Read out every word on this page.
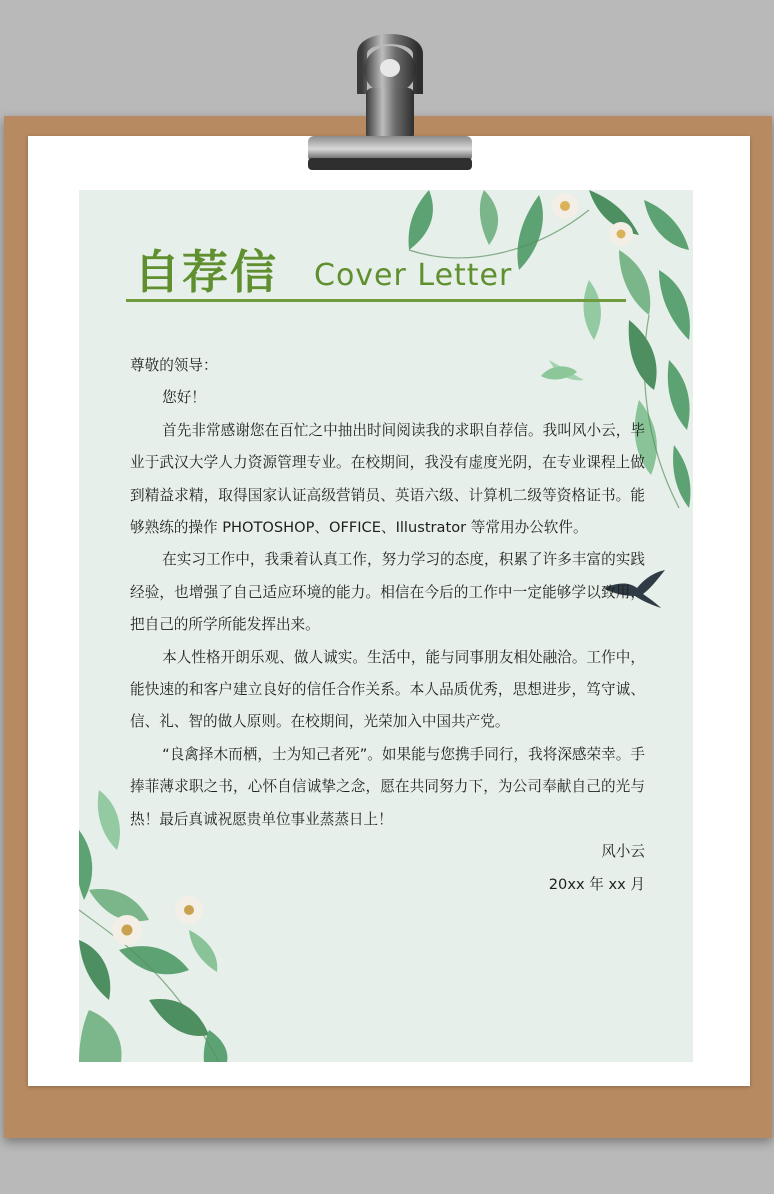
自荐信 Cover Letter

尊敬的领导：

您好！

首先非常感谢您在百忙之中抽出时间阅读我的求职自荐信。我叫风小云，毕业于武汉大学人力资源管理专业。在校期间，我没有虚度光阴，在专业课程上做到精益求精，取得国家认证高级营销员、英语六级、计算机二级等资格证书。能够熟练的操作 PHOTOSHOP、OFFICE、Illustrator 等常用办公软件。

在实习工作中，我秉着认真工作，努力学习的态度，积累了许多丰富的实践经验，也增强了自己适应环境的能力。相信在今后的工作中一定能够学以致用，把自己的所学所能发挥出来。

本人性格开朗乐观、做人诚实。生活中，能与同事朋友相处融洽。工作中，能快速的和客户建立良好的信任合作关系。本人品质优秀，思想进步，笃守诚、信、礼、智的做人原则。在校期间，光荣加入中国共产党。

“良禽择木而栖，士为知己者死”。如果能与您携手同行，我将深感荣幸。手捧菲薄求职之书，心怀自信诚挚之念，愿在共同努力下，为公司奉献自己的光与热！最后真诚祝愿贵单位事业蒸蒸日上！

风小云

20xx 年 xx 月
